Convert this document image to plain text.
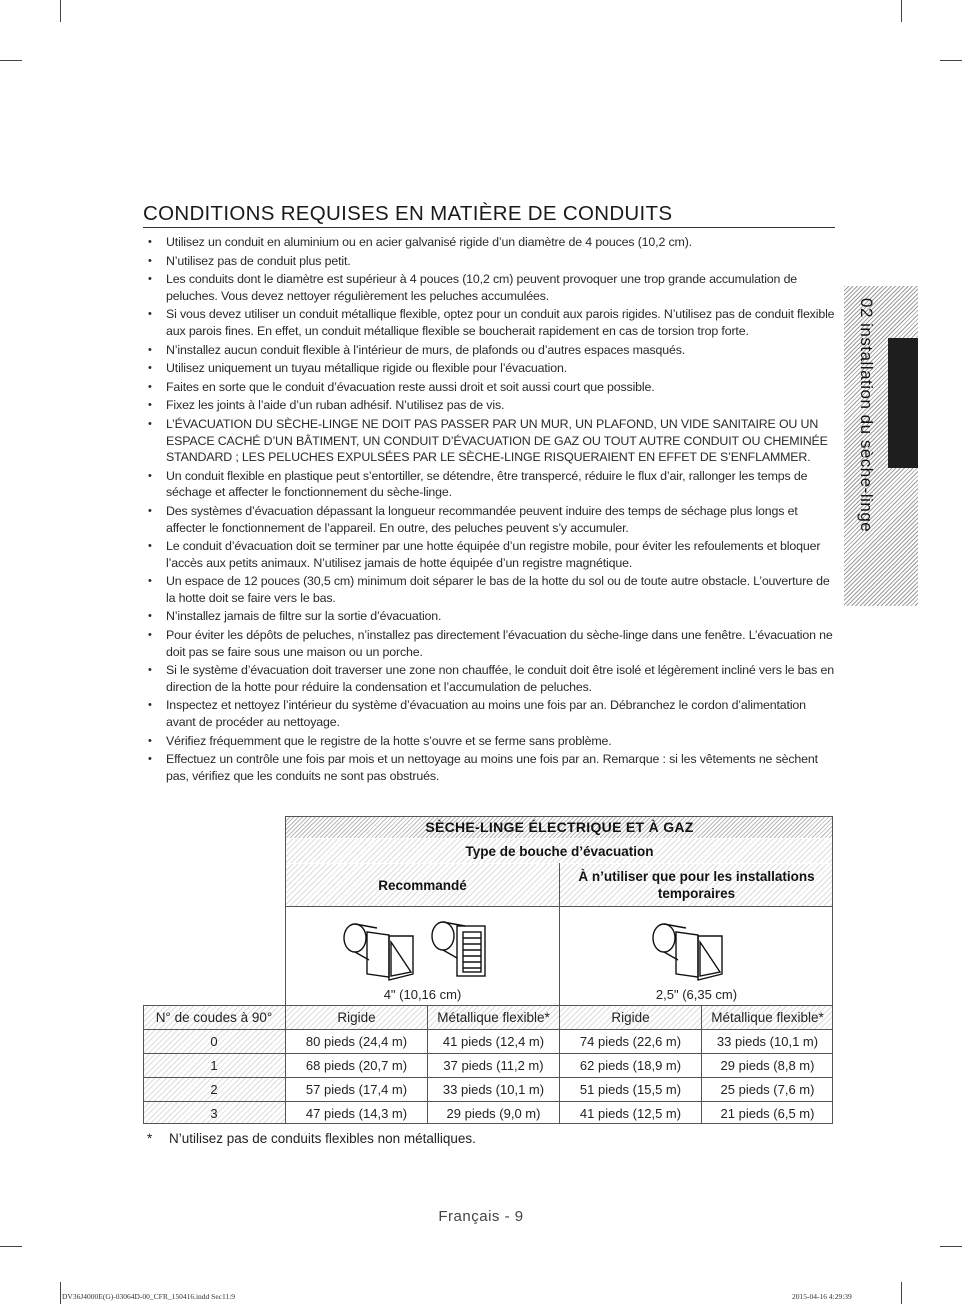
02 installation du sèche-linge
CONDITIONS REQUISES EN MATIÈRE DE CONDUITS
• Utilisez un conduit en aluminium ou en acier galvanisé rigide d’un diamètre de 4 pouces (10,2 cm).
• N’utilisez pas de conduit plus petit.
• Les conduits dont le diamètre est supérieur à 4 pouces (10,2 cm) peuvent provoquer une trop grande accumulation de peluches. Vous devez nettoyer régulièrement les peluches accumulées.
• Si vous devez utiliser un conduit métallique flexible, optez pour un conduit aux parois rigides. N’utilisez pas de conduit flexible aux parois fines. En effet, un conduit métallique flexible se boucherait rapidement en cas de torsion trop forte.
• N’installez aucun conduit flexible à l’intérieur de murs, de plafonds ou d’autres espaces masqués.
• Utilisez uniquement un tuyau métallique rigide ou flexible pour l’évacuation.
• Faites en sorte que le conduit d’évacuation reste aussi droit et soit aussi court que possible.
• Fixez les joints à l’aide d’un ruban adhésif. N’utilisez pas de vis.
• L’ÉVACUATION DU SÈCHE-LINGE NE DOIT PAS PASSER PAR UN MUR, UN PLAFOND, UN VIDE SANITAIRE OU UN ESPACE CACHÉ D’UN BÂTIMENT, UN CONDUIT D’ÉVACUATION DE GAZ OU TOUT AUTRE CONDUIT OU CHEMINÉE STANDARD ; LES PELUCHES EXPULSÉES PAR LE SÈCHE-LINGE RISQUERAIENT EN EFFET DE S’ENFLAMMER.
• Un conduit flexible en plastique peut s’entortiller, se détendre, être transpercé, réduire le flux d’air, rallonger les temps de séchage et affecter le fonctionnement du sèche-linge.
• Des systèmes d’évacuation dépassant la longueur recommandée peuvent induire des temps de séchage plus longs et affecter le fonctionnement de l’appareil. En outre, des peluches peuvent s’y accumuler.
• Le conduit d’évacuation doit se terminer par une hotte équipée d’un registre mobile, pour éviter les refoulements et bloquer l’accès aux petits animaux. N’utilisez jamais de hotte équipée d’un registre magnétique.
• Un espace de 12 pouces (30,5 cm) minimum doit séparer le bas de la hotte du sol ou de toute autre obstacle. L’ouverture de la hotte doit se faire vers le bas.
• N’installez jamais de filtre sur la sortie d’évacuation.
• Pour éviter les dépôts de peluches, n’installez pas directement l’évacuation du sèche-linge dans une fenêtre. L’évacuation ne doit pas se faire sous une maison ou un porche.
• Si le système d’évacuation doit traverser une zone non chauffée, le conduit doit être isolé et légèrement incliné vers le bas en direction de la hotte pour réduire la condensation et l’accumulation de peluches.
• Inspectez et nettoyez l’intérieur du système d’évacuation au moins une fois par an. Débranchez le cordon d’alimentation avant de procéder au nettoyage.
• Vérifiez fréquemment que le registre de la hotte s’ouvre et se ferme sans problème.
• Effectuez un contrôle une fois par mois et un nettoyage au moins une fois par an. Remarque : si les vêtements ne sèchent pas, vérifiez que les conduits ne sont pas obstrués.
SÈCHE-LINGE ÉLECTRIQUE ET À GAZ
Type de bouche d’évacuation
Recommandé
À n’utiliser que pour les installations temporaires
4" (10,16 cm)	2,5" (6,35 cm)
N° de coudes à 90°	Rigide	Métallique flexible*	Rigide	Métallique flexible*
0	80 pieds (24,4 m)	41 pieds (12,4 m)	74 pieds (22,6 m)	33 pieds (10,1 m)
1	68 pieds (20,7 m)	37 pieds (11,2 m)	62 pieds (18,9 m)	29 pieds (8,8 m)
2	57 pieds (17,4 m)	33 pieds (10,1 m)	51 pieds (15,5 m)	25 pieds (7,6 m)
3	47 pieds (14,3 m)	29 pieds (9,0 m)	41 pieds (12,5 m)	21 pieds (6,5 m)
* N’utilisez pas de conduits flexibles non métalliques.
Français - 9
DV36J4000E(G)-03064D-00_CFR_150416.indd Sec11:9	2015-04-16 4:29:39
